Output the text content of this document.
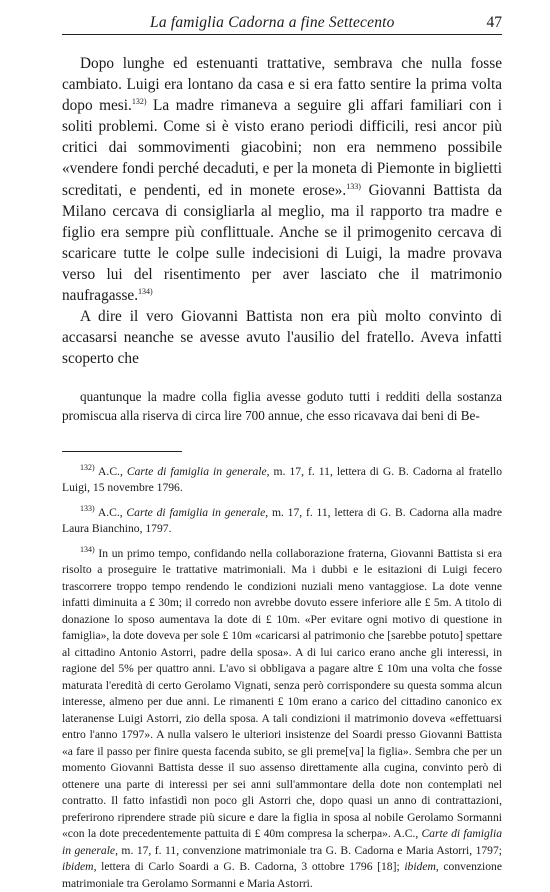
La famiglia Cadorna a fine Settecento	47

Dopo lunghe ed estenuanti trattative, sembrava che nulla fosse cambiato. Luigi era lontano da casa e si era fatto sentire la prima volta dopo mesi.$^{132)}$ La madre rimaneva a seguire gli affari familiari con i soliti problemi. Come si è visto erano periodi difficili, resi ancor più critici dai sommovimenti giacobini; non era nemmeno possibile «vendere fondi perché decaduti, e per la moneta di Piemonte in biglietti screditati, e pendenti, ed in monete erose».$^{133)}$ Giovanni Battista da Milano cercava di consigliarla al meglio, ma il rapporto tra madre e figlio era sempre più conflittuale. Anche se il primogenito cercava di scaricare tutte le colpe sulle indecisioni di Luigi, la madre provava verso lui del risentimento per aver lasciato che il matrimonio naufragasse.$^{134)}$

A dire il vero Giovanni Battista non era più molto convinto di accasarsi neanche se avesse avuto l'ausilio del fratello. Aveva infatti scoperto che

quantunque la madre colla figlia avesse goduto tutti i redditi della sostanza promiscua alla riserva di circa lire 700 annue, che esso ricavava dai beni di Be-

$^{132)}$ A.C., Carte di famiglia in generale, m. 17, f. 11, lettera di G. B. Cadorna al fratello Luigi, 15 novembre 1796.

$^{133)}$ A.C., Carte di famiglia in generale, m. 17, f. 11, lettera di G. B. Cadorna alla madre Laura Bianchino, 1797.

$^{134)}$ In un primo tempo, confidando nella collaborazione fraterna, Giovanni Battista si era risolto a proseguire le trattative matrimoniali. Ma i dubbi e le esitazioni di Luigi fecero trascorrere troppo tempo rendendo le condizioni nuziali meno vantaggiose. La dote venne infatti diminuita a £ 30m; il corredo non avrebbe dovuto essere inferiore alle £ 5m. A titolo di donazione lo sposo aumentava la dote di £ 10m. «Per evitare ogni motivo di questione in famiglia», la dote doveva per sole £ 10m «caricarsi al patrimonio che [sarebbe potuto] spettare al cittadino Antonio Astorri, padre della sposa». A di lui carico erano anche gli interessi, in ragione del 5% per quattro anni. L'avo si obbligava a pagare altre £ 10m una volta che fosse maturata l'eredità di certo Gerolamo Vignati, senza però corrispondere su questa somma alcun interesse, almeno per due anni. Le rimanenti £ 10m erano a carico del cittadino canonico ex lateranense Luigi Astorri, zio della sposa. A tali condizioni il matrimonio doveva «effettuarsi entro l'anno 1797». A nulla valsero le ulteriori insistenze del Soardi presso Giovanni Battista «a fare il passo per finire questa facenda subito, se gli preme[va] la figlia». Sembra che per un momento Giovanni Battista desse il suo assenso direttamente alla cugina, convinto però di ottenere una parte di interessi per sei anni sull'ammontare della dote non contemplati nel contratto. Il fatto infastidì non poco gli Astorri che, dopo quasi un anno di contrattazioni, preferirono riprendere strade più sicure e dare la figlia in sposa al nobile Gerolamo Sormanni «con la dote precedentemente pattuita di £ 40m compresa la scherpa». A.C., Carte di famiglia in generale, m. 17, f. 11, convenzione matrimoniale tra G. B. Cadorna e Maria Astorri, 1797; ibidem, lettera di Carlo Soardi a G. B. Cadorna, 3 ottobre 1796 [18]; ibidem, convenzione matrimoniale tra Gerolamo Sormanni e Maria Astorri.
